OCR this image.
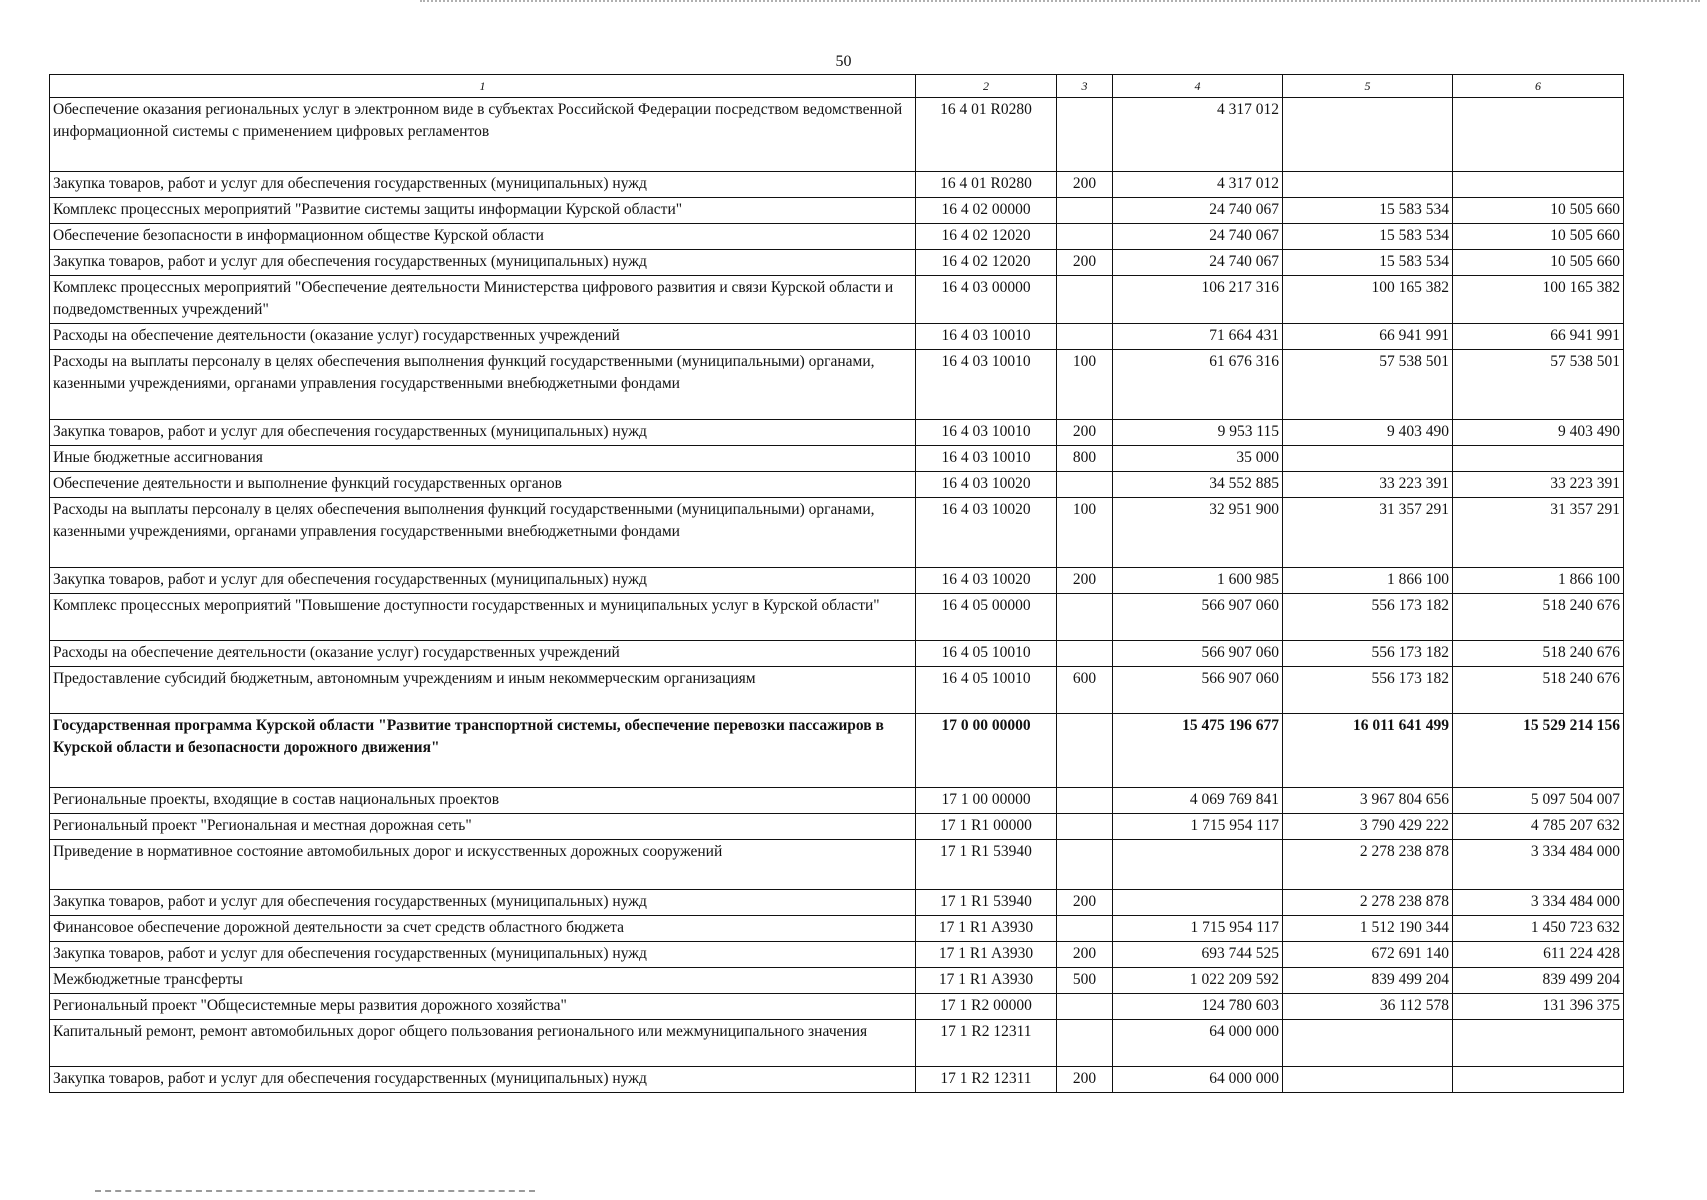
50
1	2	3	4	5	6
Обеспечение оказания региональных услуг в электронном виде в субъектах Российской Федерации посредством ведомственной информационной системы с применением цифровых регламентов	16 4 01 R0280		4 317 012		
Закупка товаров, работ и услуг для обеспечения государственных (муниципальных) нужд	16 4 01 R0280	200	4 317 012		
Комплекс процессных мероприятий "Развитие системы защиты информации Курской области"	16 4 02 00000		24 740 067	15 583 534	10 505 660
Обеспечение безопасности в информационном обществе Курской области	16 4 02 12020		24 740 067	15 583 534	10 505 660
Закупка товаров, работ и услуг для обеспечения государственных (муниципальных) нужд	16 4 02 12020	200	24 740 067	15 583 534	10 505 660
Комплекс процессных мероприятий "Обеспечение деятельности Министерства цифрового развития и связи Курской области и подведомственных учреждений"	16 4 03 00000		106 217 316	100 165 382	100 165 382
Расходы на обеспечение деятельности (оказание услуг) государственных учреждений	16 4 03 10010		71 664 431	66 941 991	66 941 991
Расходы на выплаты персоналу в целях обеспечения выполнения функций государственными (муниципальными) органами, казенными учреждениями, органами управления государственными внебюджетными фондами	16 4 03 10010	100	61 676 316	57 538 501	57 538 501
Закупка товаров, работ и услуг для обеспечения государственных (муниципальных) нужд	16 4 03 10010	200	9 953 115	9 403 490	9 403 490
Иные бюджетные ассигнования	16 4 03 10010	800	35 000		
Обеспечение деятельности и выполнение функций государственных органов	16 4 03 10020		34 552 885	33 223 391	33 223 391
Расходы на выплаты персоналу в целях обеспечения выполнения функций государственными (муниципальными) органами, казенными учреждениями, органами управления государственными внебюджетными фондами	16 4 03 10020	100	32 951 900	31 357 291	31 357 291
Закупка товаров, работ и услуг для обеспечения государственных (муниципальных) нужд	16 4 03 10020	200	1 600 985	1 866 100	1 866 100
Комплекс процессных мероприятий "Повышение доступности государственных и муниципальных услуг в Курской области"	16 4 05 00000		566 907 060	556 173 182	518 240 676
Расходы на обеспечение деятельности (оказание услуг) государственных учреждений	16 4 05 10010		566 907 060	556 173 182	518 240 676
Предоставление субсидий бюджетным, автономным учреждениям и иным некоммерческим организациям	16 4 05 10010	600	566 907 060	556 173 182	518 240 676
Государственная программа Курской области "Развитие транспортной системы, обеспечение перевозки пассажиров в Курской области и безопасности дорожного движения"	17 0 00 00000		15 475 196 677	16 011 641 499	15 529 214 156
Региональные проекты, входящие в состав национальных проектов	17 1 00 00000		4 069 769 841	3 967 804 656	5 097 504 007
Региональный проект "Региональная и местная дорожная сеть"	17 1 R1 00000		1 715 954 117	3 790 429 222	4 785 207 632
Приведение в нормативное состояние автомобильных дорог и искусственных дорожных сооружений	17 1 R1 53940			2 278 238 878	3 334 484 000
Закупка товаров, работ и услуг для обеспечения государственных (муниципальных) нужд	17 1 R1 53940	200		2 278 238 878	3 334 484 000
Финансовое обеспечение дорожной деятельности за счет средств областного бюджета	17 1 R1 A3930		1 715 954 117	1 512 190 344	1 450 723 632
Закупка товаров, работ и услуг для обеспечения государственных (муниципальных) нужд	17 1 R1 A3930	200	693 744 525	672 691 140	611 224 428
Межбюджетные трансферты	17 1 R1 A3930	500	1 022 209 592	839 499 204	839 499 204
Региональный проект "Общесистемные меры развития дорожного хозяйства"	17 1 R2 00000		124 780 603	36 112 578	131 396 375
Капитальный ремонт, ремонт автомобильных дорог общего пользования регионального или межмуниципального значения	17 1 R2 12311		64 000 000		
Закупка товаров, работ и услуг для обеспечения государственных (муниципальных) нужд	17 1 R2 12311	200	64 000 000		
